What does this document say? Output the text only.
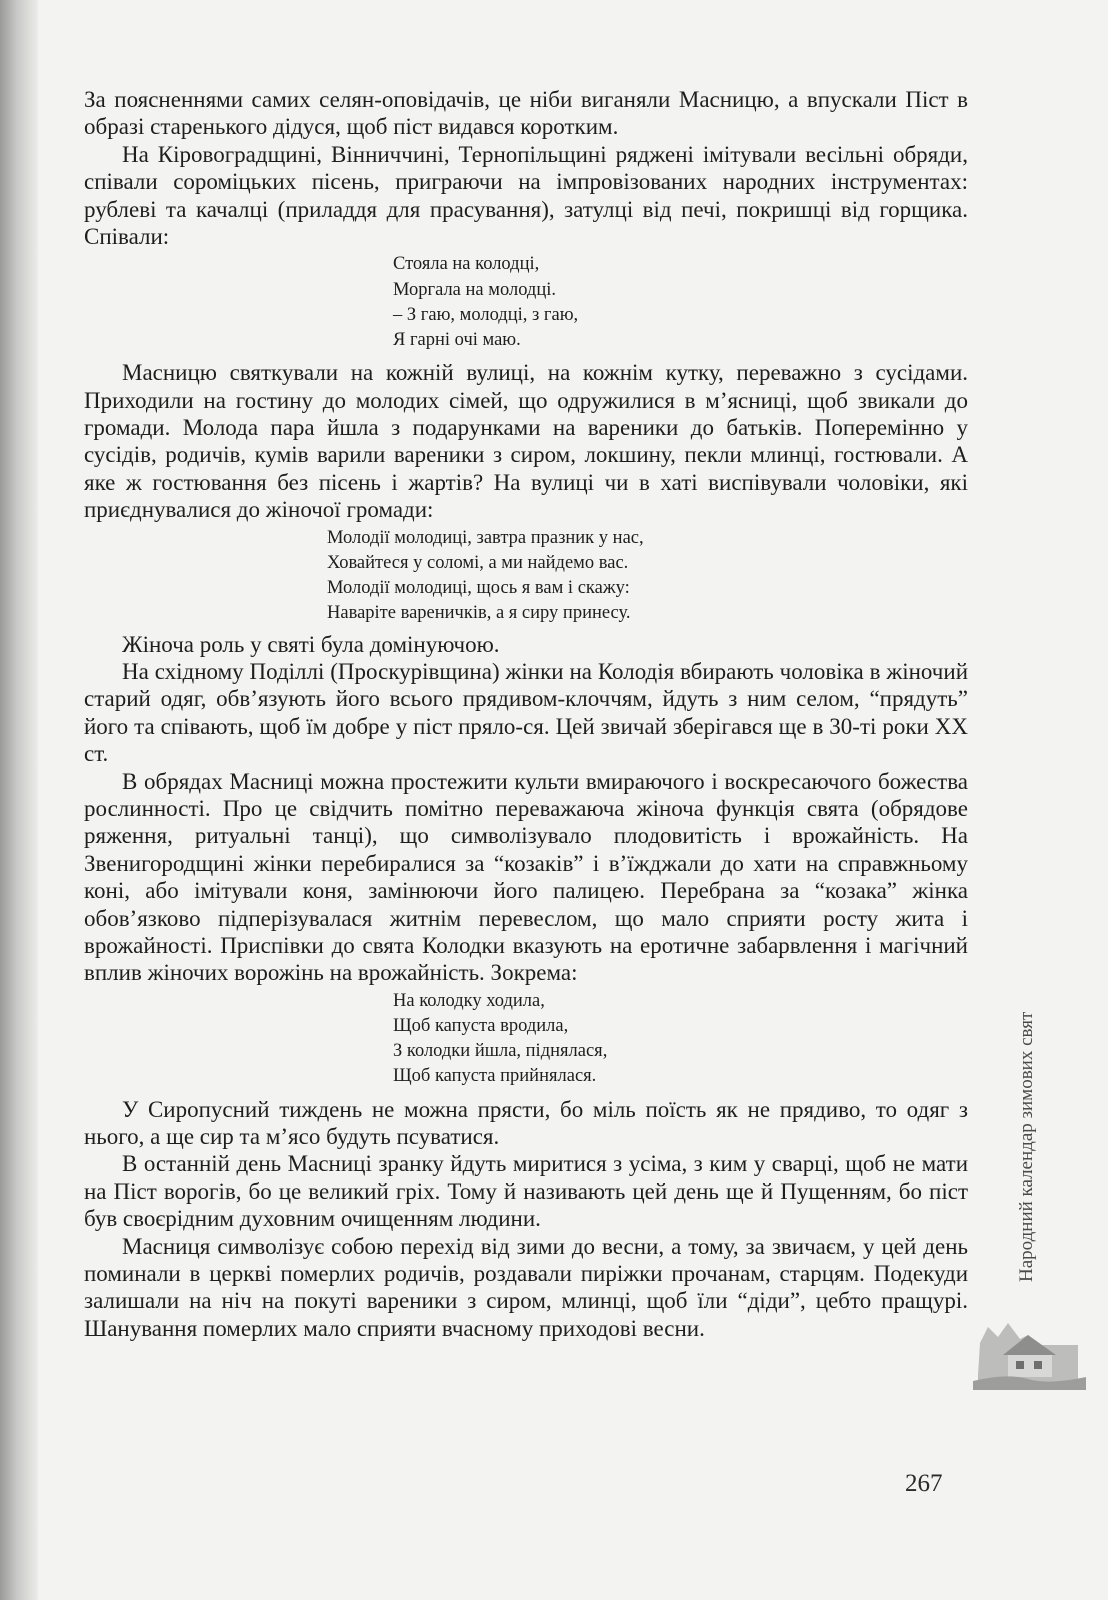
За поясненнями самих селян-оповідачів, це ніби виганяли Масницю, а впускали Піст в образі старенького дідуся, щоб піст видався коротким.

На Кіровоградщині, Вінниччині, Тернопільщині ряджені імітували весільні обряди, співали сороміцьких пісень, приграючи на імпровізованих народних інструментах: рублеві та качалці (приладдя для прасування), затулці від печі, покришці від горщика. Співали:

Стояла на колодці,
Моргала на молодці.
– З гаю, молодці, з гаю,
Я гарні очі маю.

Масницю святкували на кожній вулиці, на кожнім кутку, переважно з сусідами. Приходили на гостину до молодих сімей, що одружилися в м’ясниці, щоб звикали до громади. Молода пара йшла з подарунками на вареники до батьків. Поперемінно у сусідів, родичів, кумів варили вареники з сиром, локшину, пекли млинці, гостювали. А яке ж гостювання без пісень і жартів? На вулиці чи в хаті виспівували чоловіки, які приєднувалися до жіночої громади:

Молодії молодиці, завтра празник у нас,
Ховайтеся у соломі, а ми найдемо вас.
Молодії молодиці, щось я вам і скажу:
Наваріте вареничків, а я сиру принесу.

Жіноча роль у святі була домінуючою.

На східному Поділлі (Проскурівщина) жінки на Колодія вбирають чоловіка в жіночий старий одяг, обв’язують його всього прядивом-клоччям, йдуть з ним селом, “прядуть” його та співають, щоб їм добре у піст пряло-ся. Цей звичай зберігався ще в 30-ті роки XX ст.

В обрядах Масниці можна простежити культи вмираючого і воскресаючого божества рослинності. Про це свідчить помітно переважаюча жіноча функція свята (обрядове ряження, ритуальні танці), що символізувало плодовитість і врожайність. На Звенигородщині жінки перебиралися за “козаків” і в’їжджали до хати на справжньому коні, або імітували коня, замінюючи його палицею. Перебрана за “козака” жінка обов’язково підперізувалася житнім перевеслом, що мало сприяти росту жита і врожайності. Приспівки до свята Колодки вказують на еротичне забарвлення і магічний вплив жіночих ворожінь на врожайність. Зокрема:

На колодку ходила,
Щоб капуста вродила,
З колодки йшла, піднялася,
Щоб капуста прийнялася.

У Сиропусний тиждень не можна прясти, бо міль поїсть як не прядиво, то одяг з нього, а ще сир та м’ясо будуть псуватися.

В останній день Масниці зранку йдуть миритися з усіма, з ким у сварці, щоб не мати на Піст ворогів, бо це великий гріх. Тому й називають цей день ще й Пущенням, бо піст був своєрідним духовним очищенням людини.

Масниця символізує собою перехід від зими до весни, а тому, за звичаєм, у цей день поминали в церкві померлих родичів, роздавали пиріжки прочанам, старцям. Подекуди залишали на ніч на покуті вареники з сиром, млинці, щоб їли “діди”, цебто пращурі. Шанування померлих мало сприяти вчасному приходові весни.

Народний календар зимових свят
267
